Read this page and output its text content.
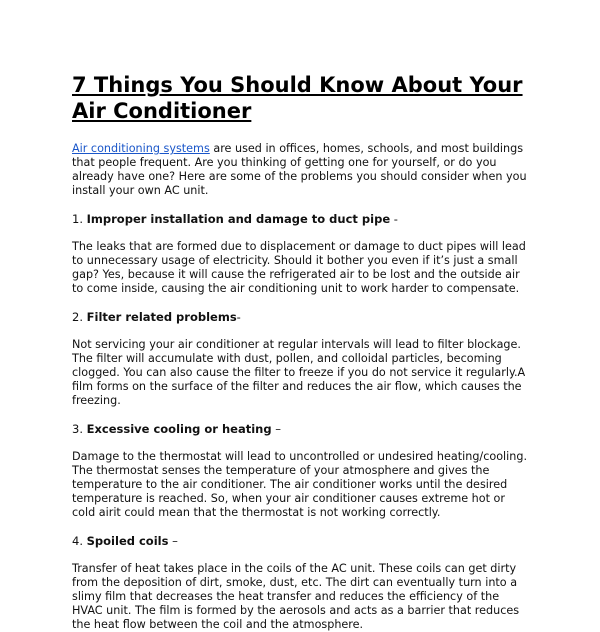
7 Things You Should Know About Your
Air Conditioner

Air conditioning systems are used in offices, homes, schools, and most buildings that people frequent. Are you thinking of getting one for yourself, or do you already have one? Here are some of the problems you should consider when you install your own AC unit.

1. Improper installation and damage to duct pipe -

The leaks that are formed due to displacement or damage to duct pipes will lead to unnecessary usage of electricity. Should it bother you even if it’s just a small gap? Yes, because it will cause the refrigerated air to be lost and the outside air to come inside, causing the air conditioning unit to work harder to compensate.

2. Filter related problems-

Not servicing your air conditioner at regular intervals will lead to filter blockage. The filter will accumulate with dust, pollen, and colloidal particles, becoming clogged. You can also cause the filter to freeze if you do not service it regularly.A film forms on the surface of the filter and reduces the air flow, which causes the freezing.

3. Excessive cooling or heating –

Damage to the thermostat will lead to uncontrolled or undesired heating/cooling. The thermostat senses the temperature of your atmosphere and gives the temperature to the air conditioner. The air conditioner works until the desired temperature is reached. So, when your air conditioner causes extreme hot or cold airit could mean that the thermostat is not working correctly.

4. Spoiled coils –

Transfer of heat takes place in the coils of the AC unit. These coils can get dirty from the deposition of dirt, smoke, dust, etc. The dirt can eventually turn into a slimy film that decreases the heat transfer and reduces the efficiency of the HVAC unit. The film is formed by the aerosols and acts as a barrier that reduces the heat flow between the coil and the atmosphere.
